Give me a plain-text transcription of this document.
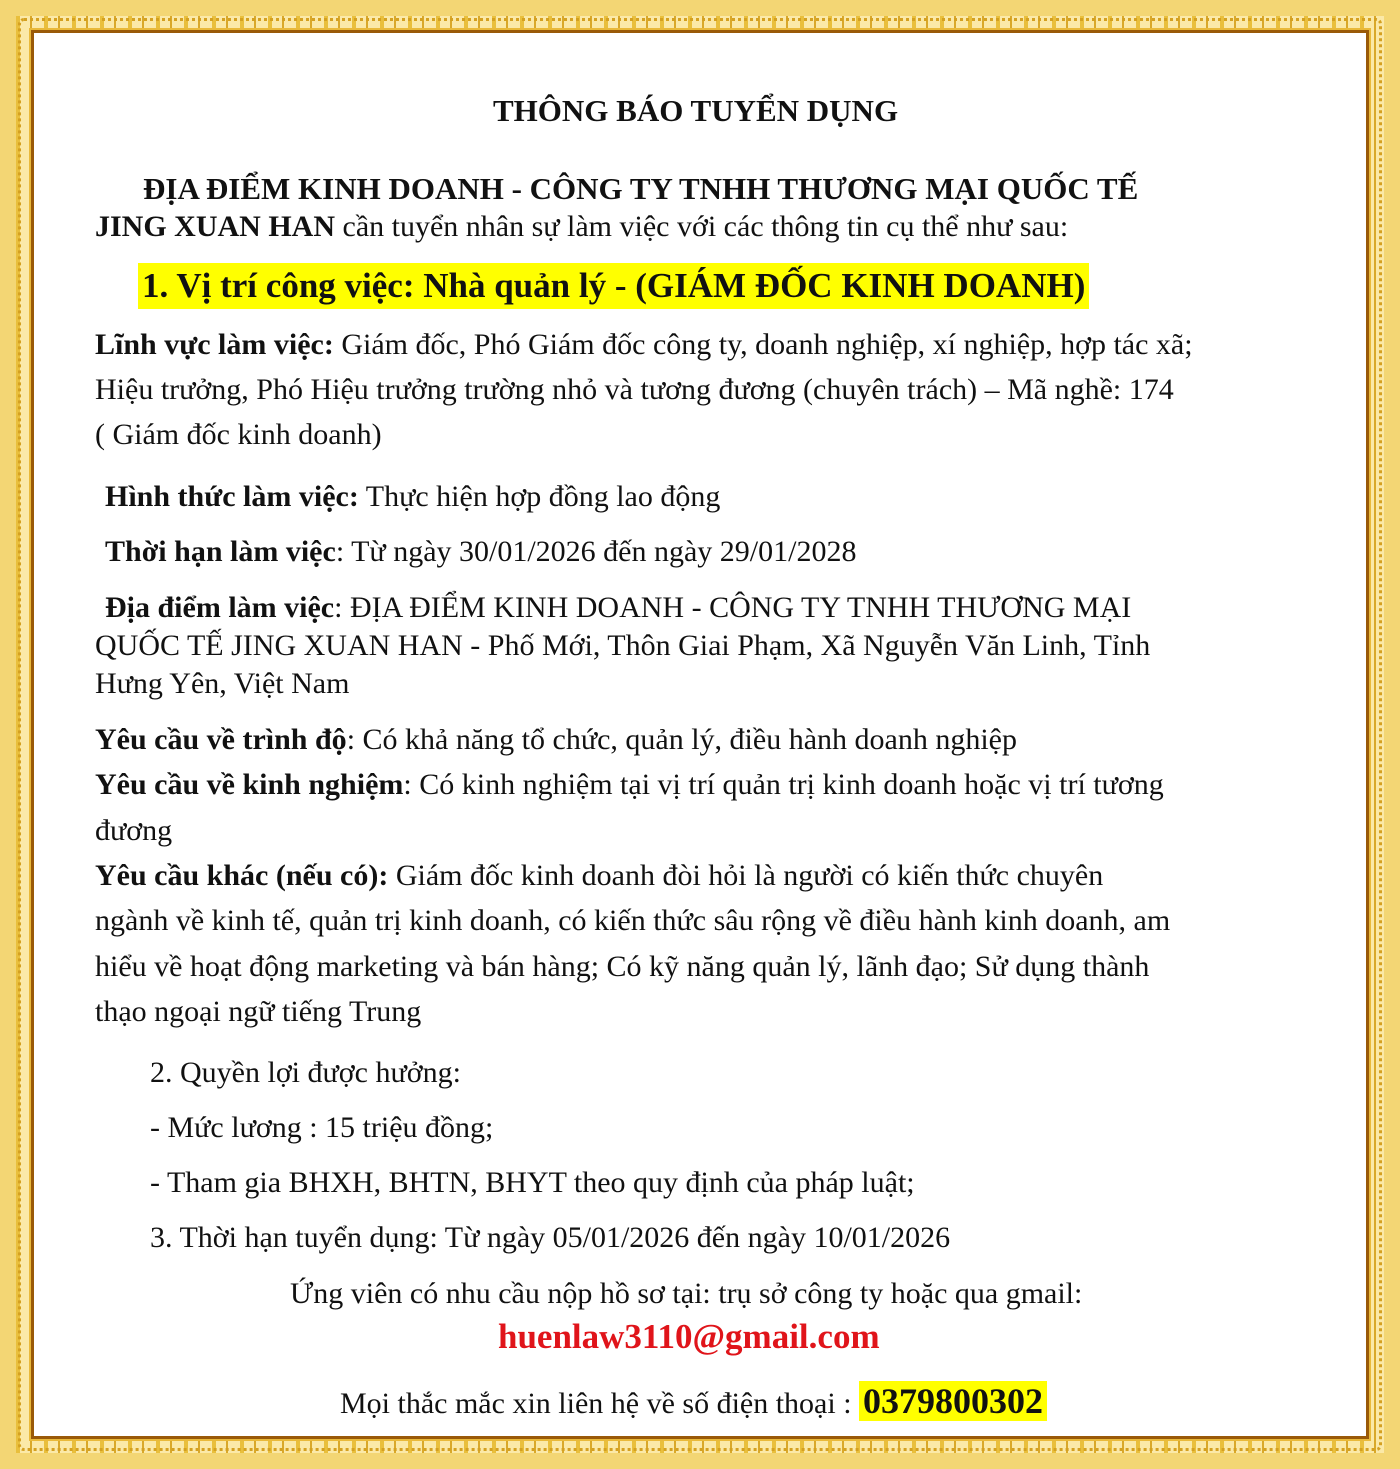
THÔNG BÁO TUYỂN DỤNG
ĐỊA ĐIỂM KINH DOANH - CÔNG TY TNHH THƯƠNG MẠI QUỐC TẾ
JING XUAN HAN cần tuyển nhân sự làm việc với các thông tin cụ thể như sau:
1. Vị trí công việc: Nhà quản lý - (GIÁM ĐỐC KINH DOANH)
Lĩnh vực làm việc: Giám đốc, Phó Giám đốc công ty, doanh nghiệp, xí nghiệp, hợp tác xã;
Hiệu trưởng, Phó Hiệu trưởng trường nhỏ và tương đương (chuyên trách) – Mã nghề: 174
( Giám đốc kinh doanh)
Hình thức làm việc: Thực hiện hợp đồng lao động
Thời hạn làm việc: Từ ngày 30/01/2026 đến ngày 29/01/2028
Địa điểm làm việc: ĐỊA ĐIỂM KINH DOANH - CÔNG TY TNHH THƯƠNG MẠI
QUỐC TẾ JING XUAN HAN - Phố Mới, Thôn Giai Phạm, Xã Nguyễn Văn Linh, Tỉnh
Hưng Yên, Việt Nam
Yêu cầu về trình độ: Có khả năng tổ chức, quản lý, điều hành doanh nghiệp
Yêu cầu về kinh nghiệm: Có kinh nghiệm tại vị trí quản trị kinh doanh hoặc vị trí tương
đương
Yêu cầu khác (nếu có): Giám đốc kinh doanh đòi hỏi là người có kiến thức chuyên
ngành về kinh tế, quản trị kinh doanh, có kiến thức sâu rộng về điều hành kinh doanh, am
hiểu về hoạt động marketing và bán hàng; Có kỹ năng quản lý, lãnh đạo; Sử dụng thành
thạo ngoại ngữ tiếng Trung
2. Quyền lợi được hưởng:
- Mức lương : 15 triệu đồng;
- Tham gia BHXH, BHTN, BHYT theo quy định của pháp luật;
3. Thời hạn tuyển dụng: Từ ngày 05/01/2026 đến ngày 10/01/2026
Ứng viên có nhu cầu nộp hồ sơ tại: trụ sở công ty hoặc qua gmail:
huenlaw3110@gmail.com
Mọi thắc mắc xin liên hệ về số điện thoại : 0379800302
